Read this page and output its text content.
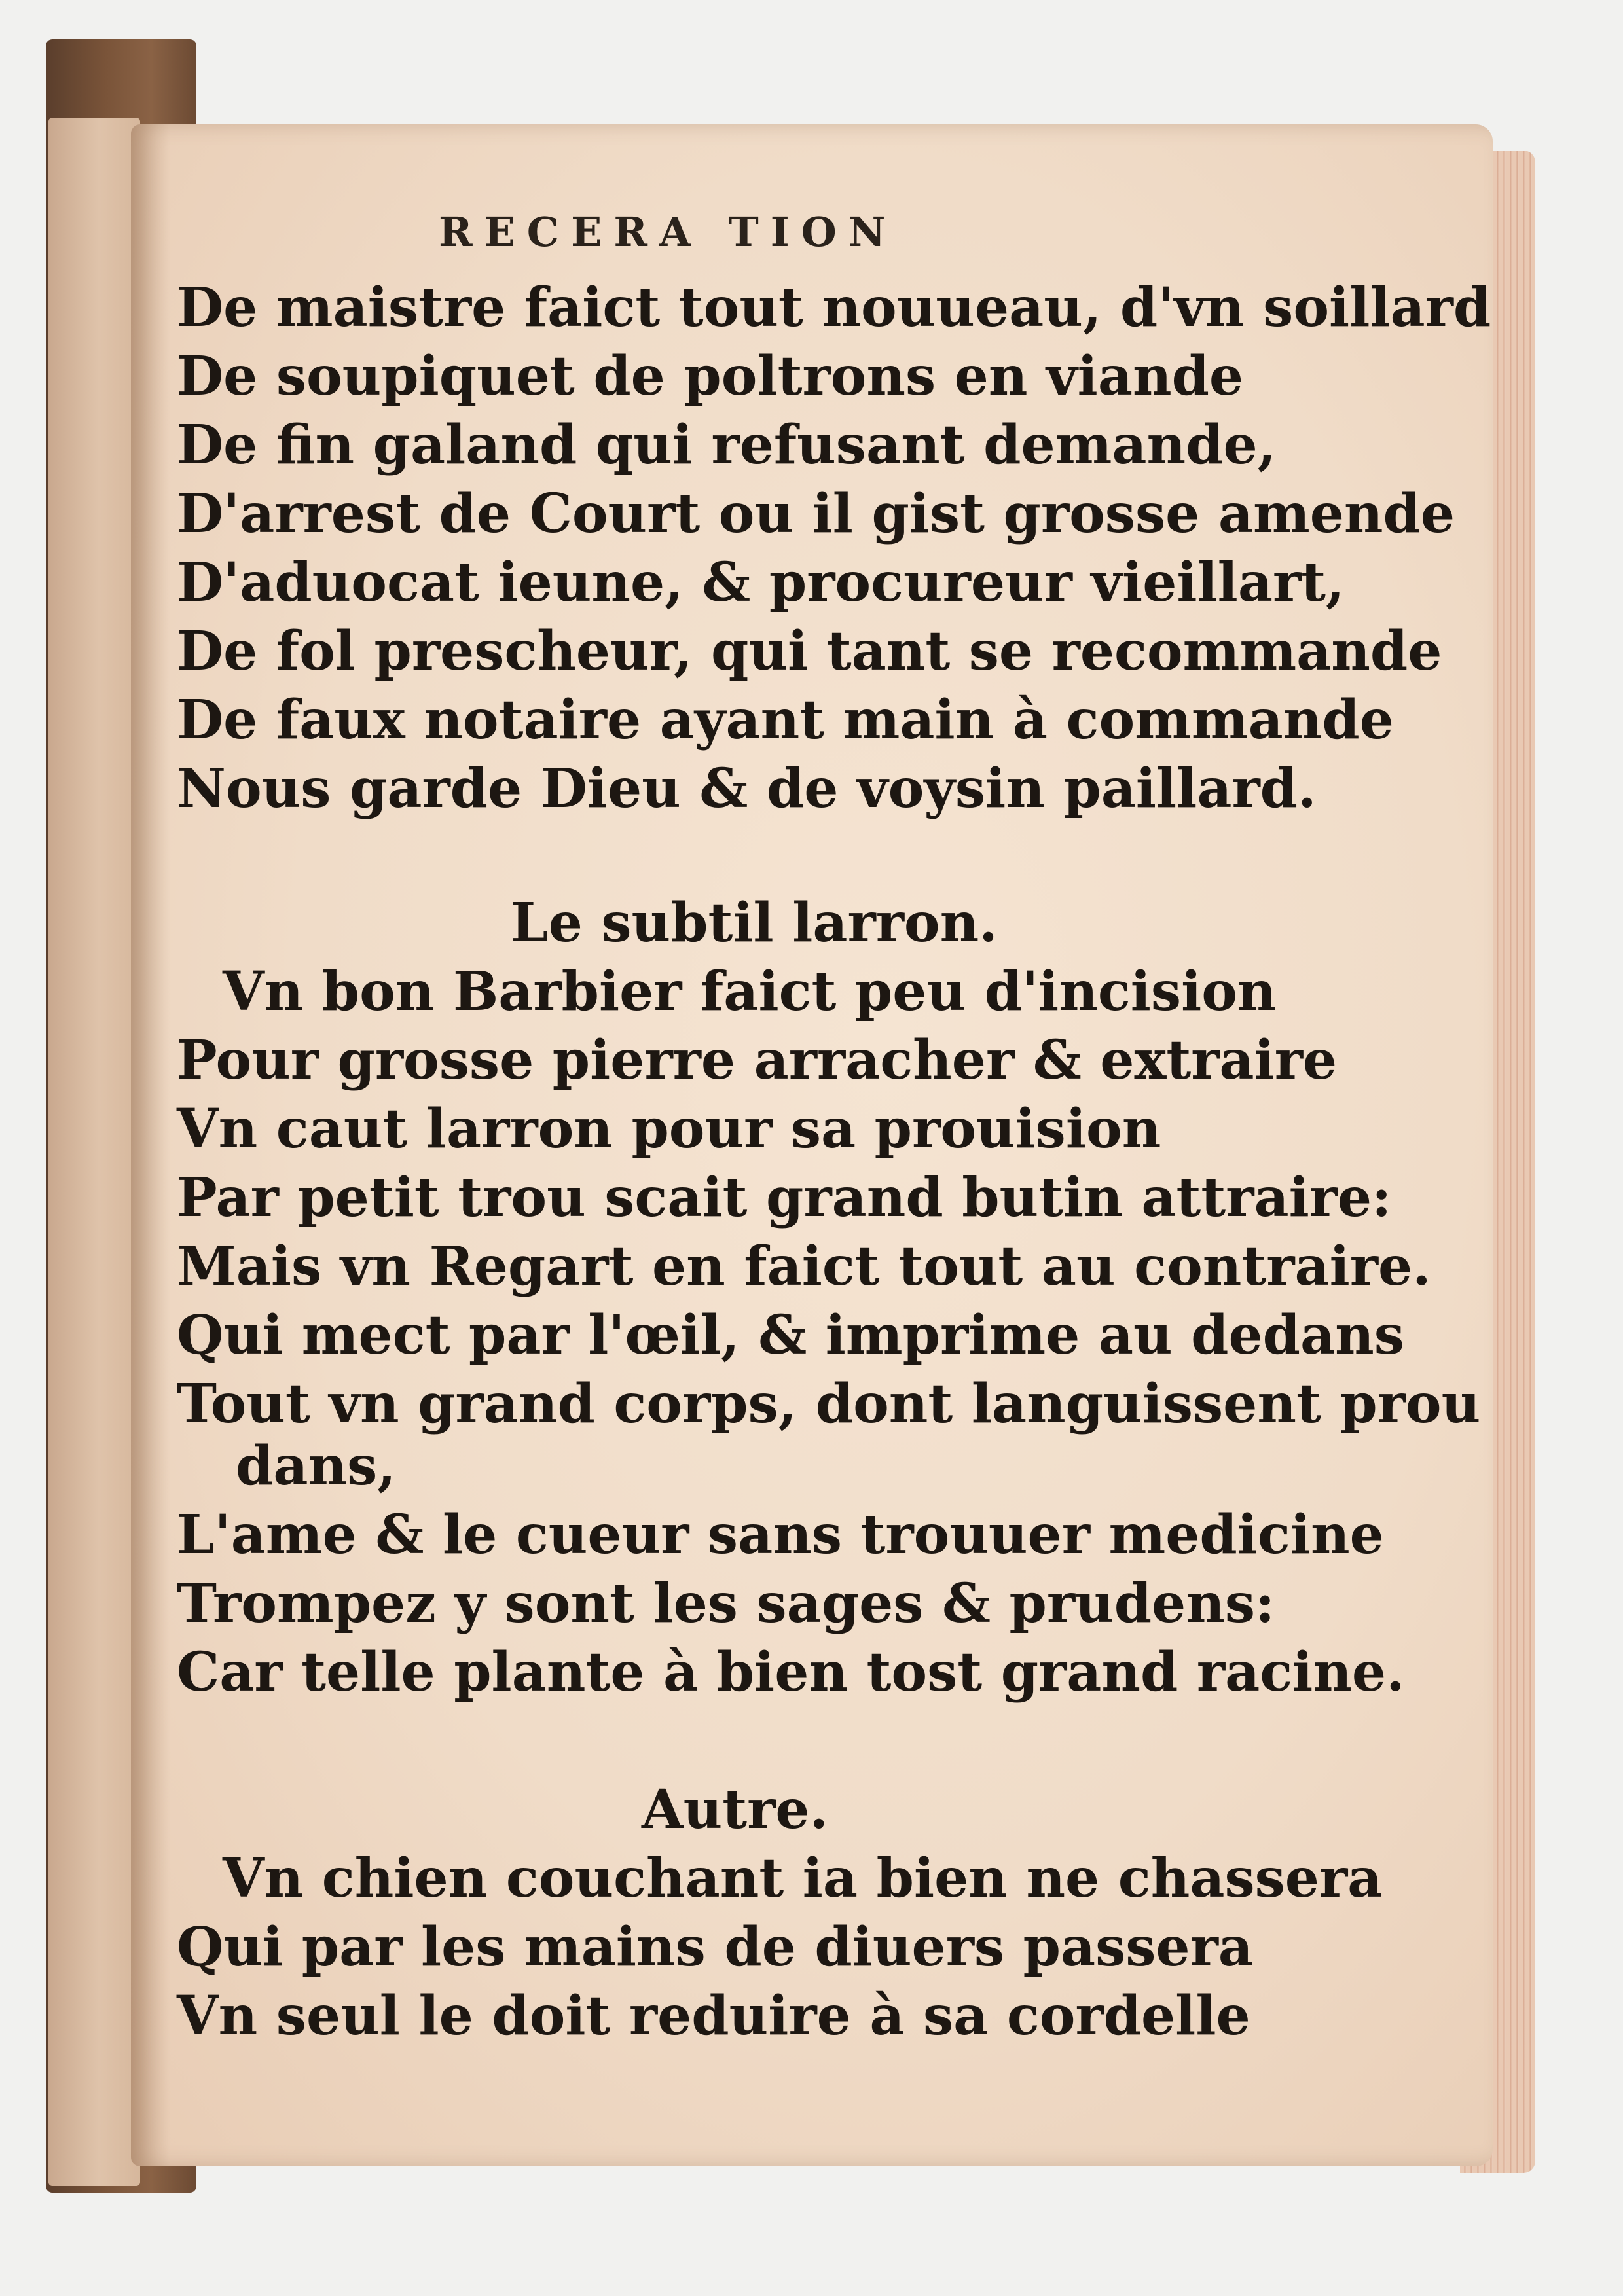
RECERA TION
De maistre faict tout nouueau, d'vn soillard
De soupiquet de poltrons en viande
De fin galand qui refusant demande,
D'arrest de Court ou il gist grosse amende
D'aduocat ieune, & procureur vieillart,
De fol prescheur, qui tant se recommande
De faux notaire ayant main à commande
Nous garde Dieu & de voysin paillard.
Le subtil larron.
Vn bon Barbier faict peu d'incision
Pour grosse pierre arracher & extraire
Vn caut larron pour sa prouision
Par petit trou scait grand butin attraire:
Mais vn Regart en faict tout au contraire.
Qui mect par l'œil, & imprime au dedans
Tout vn grand corps, dont languissent prou
dans,
L'ame & le cueur sans trouuer medicine
Trompez y sont les sages & prudens:
Car telle plante à bien tost grand racine.
Autre.
Vn chien couchant ia bien ne chassera
Qui par les mains de diuers passera
Vn seul le doit reduire à sa cordelle
